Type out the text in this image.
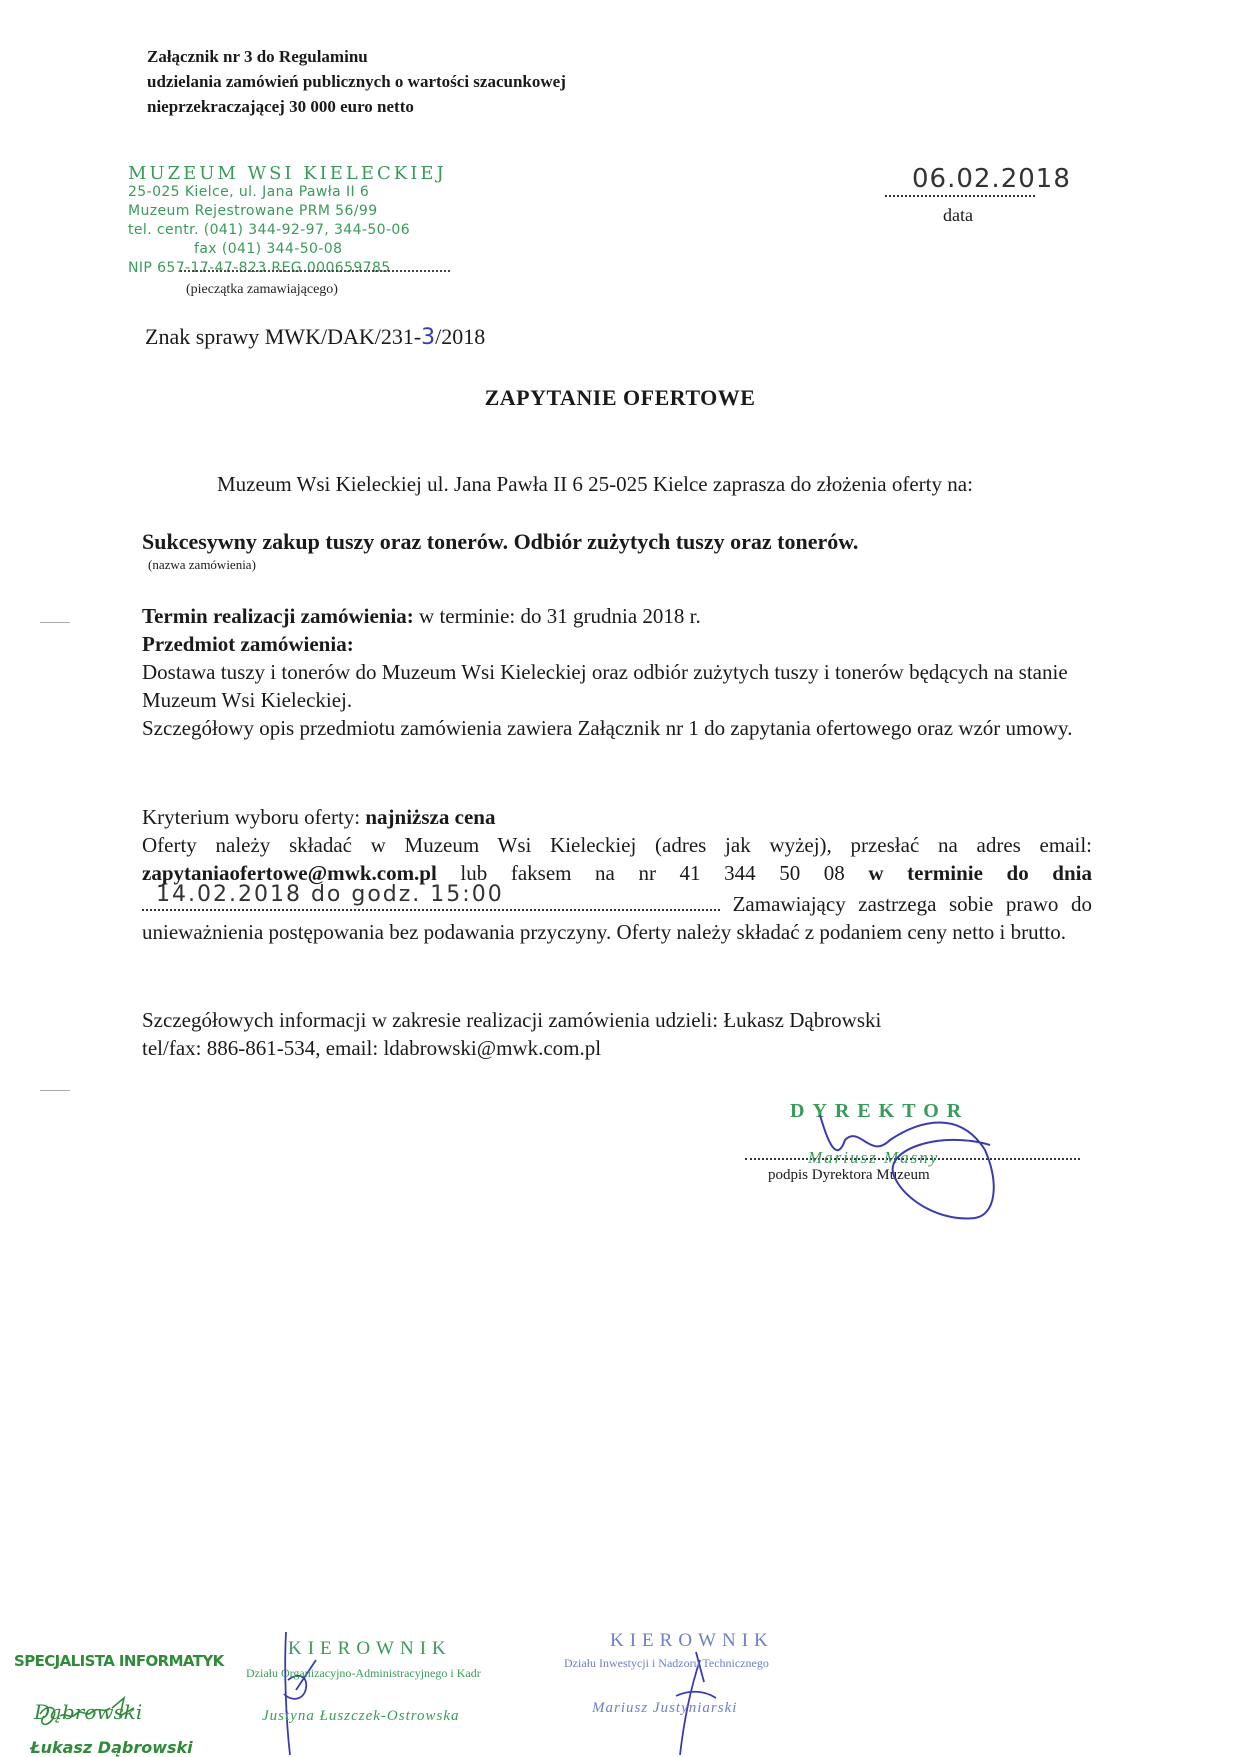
Załącznik nr 3 do Regulaminu
udzielania zamówień publicznych o wartości szacunkowej
nieprzekraczającej 30 000 euro netto
MUZEUM WSI KIELECKIEJ
25-025 Kielce, ul. Jana Pawła II 6
Muzeum Rejestrowane PRM 56/99
tel. centr. (041) 344-92-97, 344-50-06
fax (041) 344-50-08
NIP 657-17-47-823 REG 000659785
(pieczątka zamawiającego)
06.02.2018
data
Znak sprawy MWK/DAK/231-3/2018
ZAPYTANIE OFERTOWE
Muzeum Wsi Kieleckiej ul. Jana Pawła II 6 25-025 Kielce zaprasza do złożenia oferty na:
Sukcesywny zakup tuszy oraz tonerów. Odbiór zużytych tuszy oraz tonerów.
(nazwa zamówienia)
Termin realizacji zamówienia: w terminie: do 31 grudnia 2018 r.
Przedmiot zamówienia:
Dostawa tuszy i tonerów do Muzeum Wsi Kieleckiej oraz odbiór zużytych tuszy i tonerów będących na stanie Muzeum Wsi Kieleckiej.
Szczegółowy opis przedmiotu zamówienia zawiera Załącznik nr 1 do zapytania ofertowego oraz wzór umowy.
Kryterium wyboru oferty: najniższa cena
Oferty należy składać w Muzeum Wsi Kieleckiej (adres jak wyżej), przesłać na adres email: zapytaniaofertowe@mwk.com.pl lub faksem na nr 41 344 50 08 w terminie do dnia
14.02.2018 do godz. 15:00	Zamawiający zastrzega sobie prawo do unieważnienia postępowania bez podawania przyczyny. Oferty należy składać z podaniem ceny netto i brutto.
Szczegółowych informacji w zakresie realizacji zamówienia udzieli: Łukasz Dąbrowski
tel/fax: 886-861-534, email: ldabrowski@mwk.com.pl
DYREKTOR
Mariusz Masny
podpis Dyrektora Muzeum
SPECJALISTA INFORMATYK
Dąbrowski
Łukasz Dąbrowski
KIEROWNIK
Działu Organizacyjno-Administracyjnego i Kadr
Justyna Łuszczek-Ostrowska
KIEROWNIK
Działu Inwestycji i Nadzoru Technicznego
Mariusz Justyniarski
